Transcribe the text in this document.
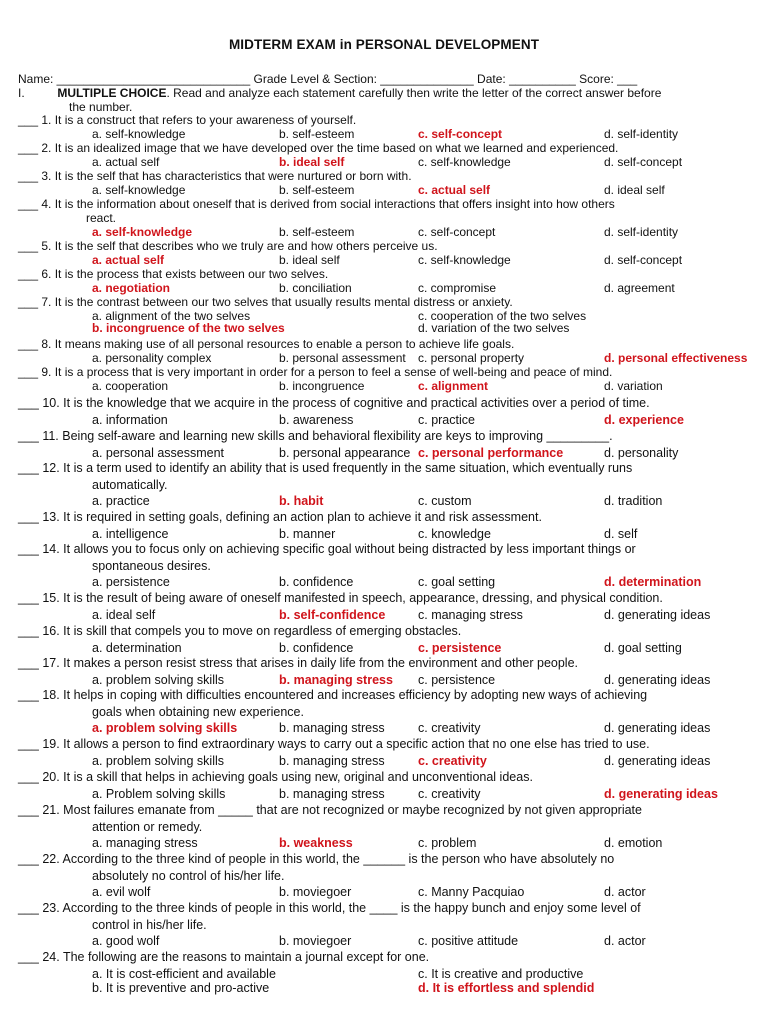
MIDTERM EXAM in PERSONAL DEVELOPMENT
Name: _____________________________ Grade Level & Section: ______________ Date: __________ Score: ___
I.	MULTIPLE CHOICE. Read and analyze each statement carefully then write the letter of the correct answer before
the number.
___ 1. It is a construct that refers to your awareness of yourself.
a. self-knowledge	b. self-esteem	c. self-concept	d. self-identity
___ 2. It is an idealized image that we have developed over the time based on what we learned and experienced.
a. actual self	b. ideal self	c. self-knowledge	d. self-concept
___ 3. It is the self that has characteristics that were nurtured or born with.
a. self-knowledge	b. self-esteem	c. actual self	d. ideal self
___ 4. It is the information about oneself that is derived from social interactions that offers insight into how others
react.
a. self-knowledge	b. self-esteem	c. self-concept	d. self-identity
___ 5. It is the self that describes who we truly are and how others perceive us.
a. actual self	b. ideal self	c. self-knowledge	d. self-concept
___ 6. It is the process that exists between our two selves.
a. negotiation	b. conciliation	c. compromise	d. agreement
___ 7. It is the contrast between our two selves that usually results mental distress or anxiety.
a. alignment of the two selves	c. cooperation of the two selves
b. incongruence of the two selves	d. variation of the two selves
___ 8. It means making use of all personal resources to enable a person to achieve life goals.
a. personality complex	b. personal assessment c. personal property	d. personal effectiveness
___ 9. It is a process that is very important in order for a person to feel a sense of well-being and peace of mind.
a. cooperation	b. incongruence	c. alignment	d. variation
___ 10. It is the knowledge that we acquire in the process of cognitive and practical activities over a period of time.
a. information	b. awareness	c. practice	d. experience
___ 11. Being self-aware and learning new skills and behavioral flexibility are keys to improving _________.
a. personal assessment	b. personal appearance c. personal performance	d. personality
___ 12. It is a term used to identify an ability that is used frequently in the same situation, which eventually runs
automatically.
a. practice	b. habit	c. custom	d. tradition
___ 13. It is required in setting goals, defining an action plan to achieve it and risk assessment.
a. intelligence	b. manner	c. knowledge	d. self
___ 14. It allows you to focus only on achieving specific goal without being distracted by less important things or
spontaneous desires.
a. persistence	b. confidence	c. goal setting	d. determination
___ 15. It is the result of being aware of oneself manifested in speech, appearance, dressing, and physical condition.
a. ideal self	b. self-confidence	c. managing stress	d. generating ideas
___ 16. It is skill that compels you to move on regardless of emerging obstacles.
a. determination	b. confidence	c. persistence	d. goal setting
___ 17. It makes a person resist stress that arises in daily life from the environment and other people.
a. problem solving skills	b. managing stress c. persistence	d. generating ideas
___ 18. It helps in coping with difficulties encountered and increases efficiency by adopting new ways of achieving
goals when obtaining new experience.
a. problem solving skills	b. managing stress	c. creativity	d. generating ideas
___ 19. It allows a person to find extraordinary ways to carry out a specific action that no one else has tried to use.
a. problem solving skills	b. managing stress	c. creativity	d. generating ideas
___ 20. It is a skill that helps in achieving goals using new, original and unconventional ideas.
a. Problem solving skills	b. managing stress	c. creativity	d. generating ideas
___ 21. Most failures emanate from _____ that are not recognized or maybe recognized by not given appropriate
attention or remedy.
a. managing stress	b. weakness	c. problem	d. emotion
___ 22. According to the three kind of people in this world, the ______ is the person who have absolutely no
absolutely no control of his/her life.
a. evil wolf	b. moviegoer	c. Manny Pacquiao	d. actor
___ 23. According to the three kinds of people in this world, the ____ is the happy bunch and enjoy some level of
control in his/her life.
a. good wolf	b. moviegoer	c. positive attitude	d. actor
___ 24. The following are the reasons to maintain a journal except for one.
a. It is cost-efficient and available	c. It is creative and productive
b. It is preventive and pro-active	d. It is effortless and splendid
